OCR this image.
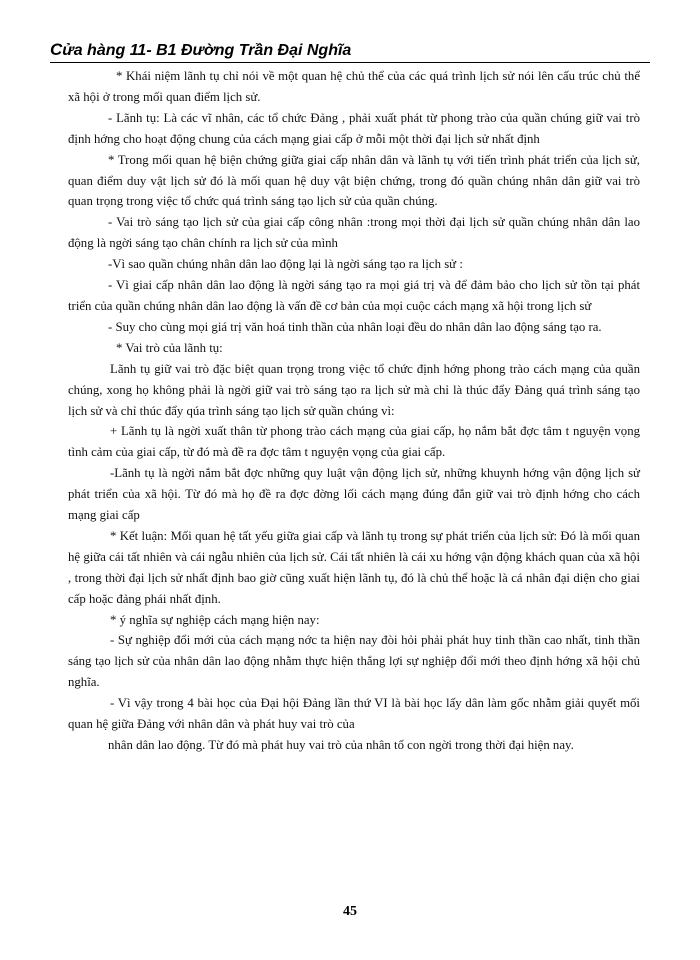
Cửa hàng 11- B1 Đường Trần Đại Nghĩa

* Khái niệm lãnh tụ chỉ nói về một quan hệ chủ thể của các quá trình lịch sử nói lên cấu trúc chủ thể xã hội ở trong mối quan điểm lịch sử.

- Lãnh tụ: Là các vĩ nhân, các tổ chức Đảng , phải xuất phát từ phong trào của quần chúng giữ vai trò định hớng cho hoạt động chung của cách mạng giai cấp ở mỗi một thời đại lịch sử nhất định

* Trong mối quan hệ biện chứng giữa giai cấp nhân dân và lãnh tụ với tiến trình phát triển của lịch sử, quan điểm duy vật lịch sử đó là mối quan hệ duy vật biện chứng, trong đó quần chúng nhân dân giữ vai trò quan trọng trong việc tổ chức quá trình sáng tạo lịch sử của quần chúng.

- Vai trò sáng tạo lịch sử của giai cấp công nhân :trong mọi thời đại lịch sử quần chúng nhân dân lao động là ngời sáng tạo chân chính ra lịch sử của mình

-Vì sao quần chúng nhân dân lao động lại là ngời sáng tạo ra lịch sử :

- Vì giai cấp nhân dân lao động là ngời sáng tạo ra mọi giá trị và để đảm bảo cho lịch sử tồn tại phát triển của quần chúng nhân dân lao động là vấn đề cơ bản của mọi cuộc cách mạng xã hội trong lịch sử

- Suy cho cùng mọi giá trị văn hoá tinh thần của nhân loại đều do nhân dân lao động sáng tạo ra.

* Vai trò của lãnh tụ:

Lãnh tụ giữ vai trò đặc biệt quan trọng trong việc tổ chức định hớng phong trào cách mạng của quần chúng, xong họ không phải là ngời giữ vai trò sáng tạo ra lịch sử mà chỉ là thúc đẩy Đảng quá trình sáng tạo lịch sử và chỉ thúc đẩy qúa trình sáng tạo lịch sử quần chúng vì:

+ Lãnh tụ là ngời xuất thân từ phong trào cách mạng của giai cấp, họ nắm bắt đợc tâm t nguyện vọng tình cảm của giai cấp, từ đó mà đề ra đợc tâm t nguyện vọng của giai cấp.

-Lãnh tụ là ngời nắm bắt đợc những quy luật vận động lịch sử, những khuynh hớng vận động lịch sử phát triển của xã hội. Từ đó mà họ đề ra đợc đờng lối cách mạng đúng đắn giữ vai trò định hớng cho cách mạng giai cấp

* Kết luận: Mối quan hệ tất yếu giữa giai cấp và lãnh tụ trong sự phát triển của lịch sử: Đó là mối quan hệ giữa cái tất nhiên và cái ngẫu nhiên của lịch sử. Cái tất nhiên là cái xu hớng vận động khách quan của xã hội , trong thời đại lịch sử nhất định bao giờ cũng xuất hiện lãnh tụ, đó là chủ thể hoặc là cá nhân đại diện cho giai cấp hoặc đảng phái nhất định.

* ý nghĩa sự nghiệp cách mạng hiện nay:

- Sự nghiệp đổi mới của cách mạng nớc ta hiện nay đòi hỏi phải phát huy tinh thần cao nhất, tinh thần sáng tạo lịch sử của nhân dân lao động nhằm thực hiện thắng lợi sự nghiệp đổi mới theo định hớng xã hội chủ nghĩa.

- Vì vậy trong 4 bài học của Đại hội Đảng lần thứ VI là bài học lấy dân làm gốc nhằm giải quyết mối quan hệ giữa Đảng với nhân dân và phát huy vai trò của

nhân dân lao động. Từ đó mà phát huy vai trò của nhân tố con ngời trong thời đại hiện nay.

45
